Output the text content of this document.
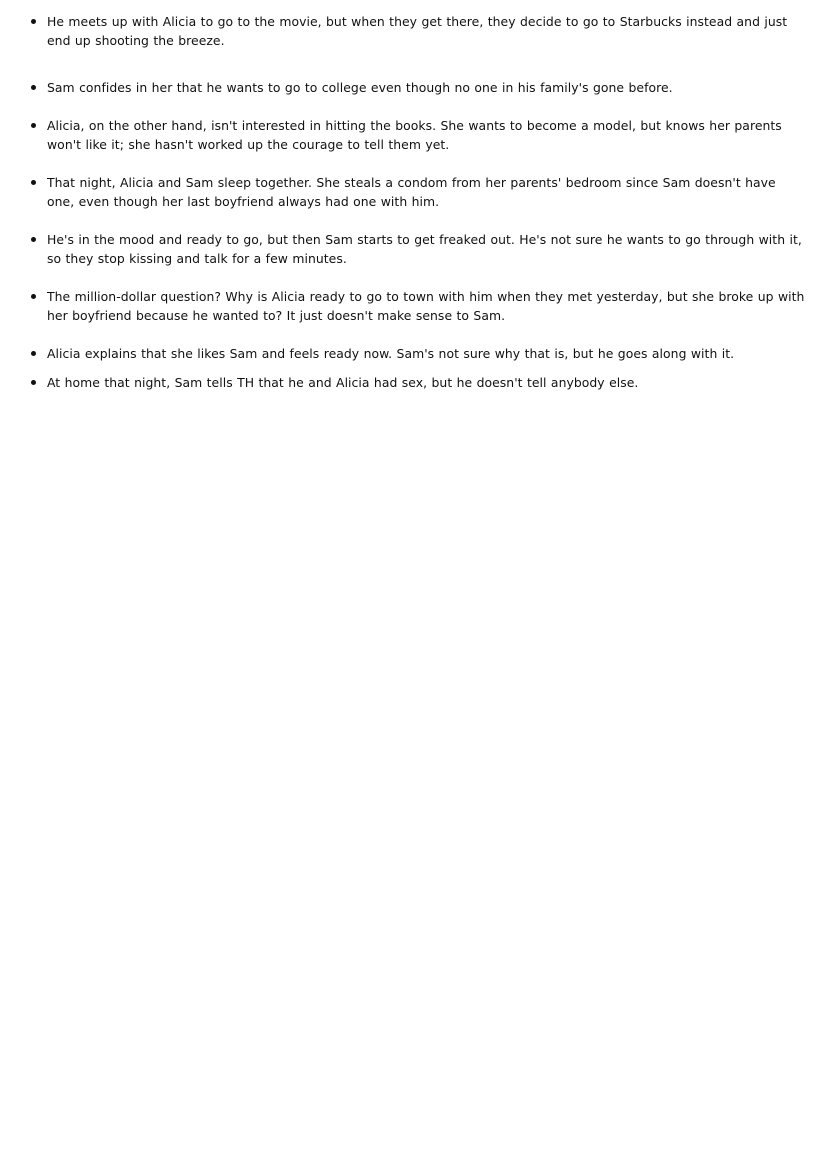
He meets up with Alicia to go to the movie, but when they get there, they decide to go to Starbucks instead and just end up shooting the breeze.
Sam confides in her that he wants to go to college even though no one in his family's gone before.
Alicia, on the other hand, isn't interested in hitting the books. She wants to become a model, but knows her parents won't like it; she hasn't worked up the courage to tell them yet.
That night, Alicia and Sam sleep together. She steals a condom from her parents' bedroom since Sam doesn't have one, even though her last boyfriend always had one with him.
He's in the mood and ready to go, but then Sam starts to get freaked out. He's not sure he wants to go through with it, so they stop kissing and talk for a few minutes.
The million-dollar question? Why is Alicia ready to go to town with him when they met yesterday, but she broke up with her boyfriend because he wanted to? It just doesn't make sense to Sam.
Alicia explains that she likes Sam and feels ready now. Sam's not sure why that is, but he goes along with it.
At home that night, Sam tells TH that he and Alicia had sex, but he doesn't tell anybody else.
